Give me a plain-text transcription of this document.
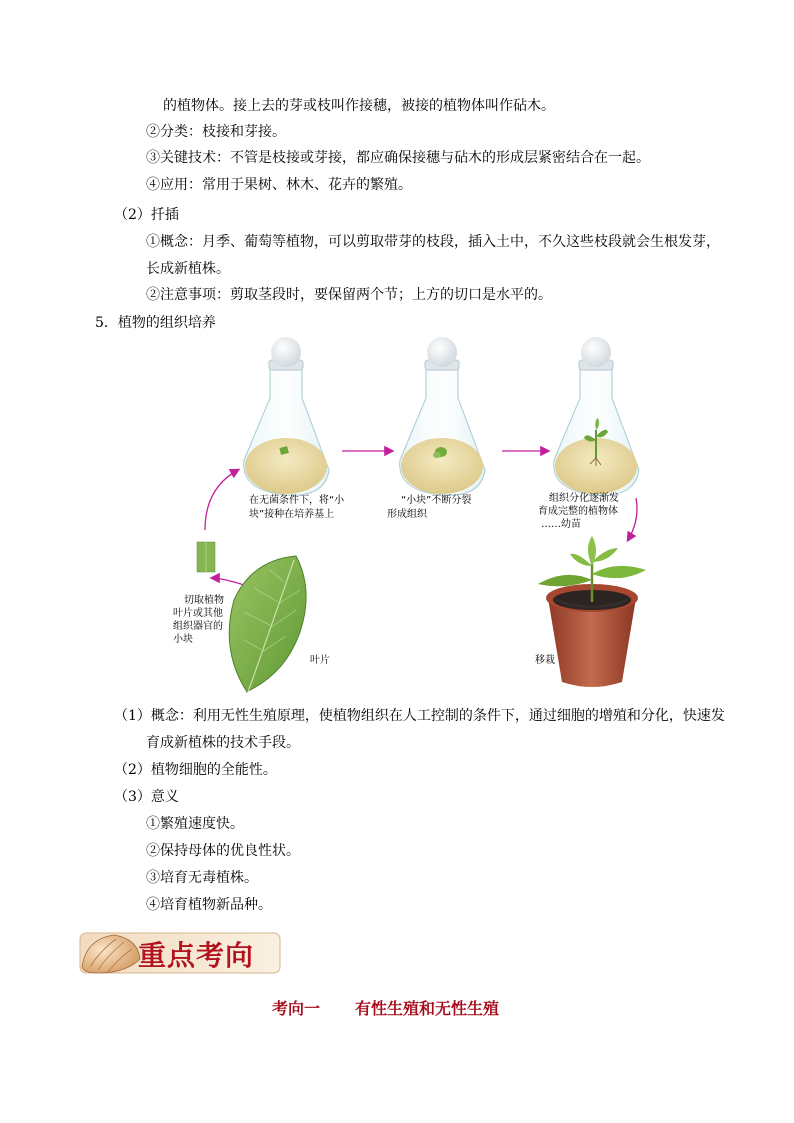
的植物体。接上去的芽或枝叫作接穗，被接的植物体叫作砧木。
②分类：枝接和芽接。
③关键技术：不管是枝接或芽接，都应确保接穗与砧木的形成层紧密结合在一起。
④应用：常用于果树、林木、花卉的繁殖。
（2）扦插
①概念：月季、葡萄等植物，可以剪取带芽的枝段，插入土中，不久这些枝段就会生根发芽，
长成新植株。
②注意事项：剪取茎段时，要保留两个节；上方的切口是水平的。
5．植物的组织培养
在无菌条件下，将“小
块”接种在培养基上
“小块”不断分裂
形成组织
组织分化逐渐发
育成完整的植物体
……幼苗
切取植物
叶片或其他
组织器官的
小块
叶片	移栽
（1）概念：利用无性生殖原理，使植物组织在人工控制的条件下，通过细胞的增殖和分化，快速发
育成新植株的技术手段。
（2）植物细胞的全能性。
（3）意义
①繁殖速度快。
②保持母体的优良性状。
③培育无毒植株。
④培育植物新品种。
重点考向
考向一 有性生殖和无性生殖
